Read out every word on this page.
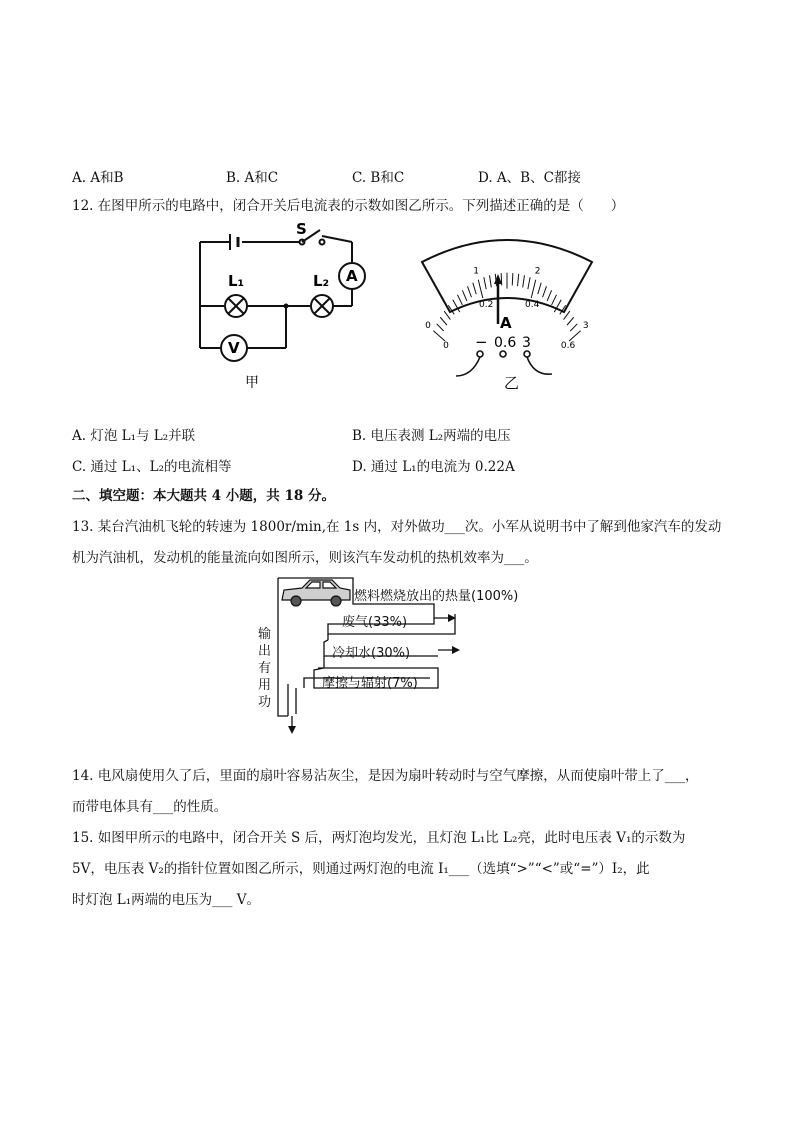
A. A和B	B. A和C	C. B和C	D. A、B、C都接
12. 在图甲所示的电路中，闭合开关后电流表的示数如图乙所示。下列描述正确的是（　　）
S
A
L₁	L₂
V
甲
0
1	2
3
0
0.2	0.4
0.6
A
− 0.6 3
乙
A. 灯泡 L₁与 L₂并联	B. 电压表测 L₂两端的电压
C. 通过 L₁、L₂的电流相等	D. 通过 L₁的电流为 0.22A
二、填空题：本大题共 4 小题，共 18 分。
13. 某台汽油机飞轮的转速为 1800r/min,在 1s 内，对外做功___次。小军从说明书中了解到他家汽车的发动
机为汽油机，发动机的能量流向如图所示，则该汽车发动机的热机效率为___。
燃料燃烧放出的热量(100%)
废气(33%)
冷却水(30%)
摩擦与辐射(7%)
输
出
有
用
功
14. 电风扇使用久了后，里面的扇叶容易沾灰尘，是因为扇叶转动时与空气摩擦，从而使扇叶带上了___，
而带电体具有___的性质。
15. 如图甲所示的电路中，闭合开关 S 后，两灯泡均发光，且灯泡 L₁比 L₂亮，此时电压表 V₁的示数为
5V，电压表 V₂的指针位置如图乙所示，则通过两灯泡的电流 I₁___（选填“>”“<”或“=”）I₂，此
时灯泡 L₁两端的电压为___ V。
